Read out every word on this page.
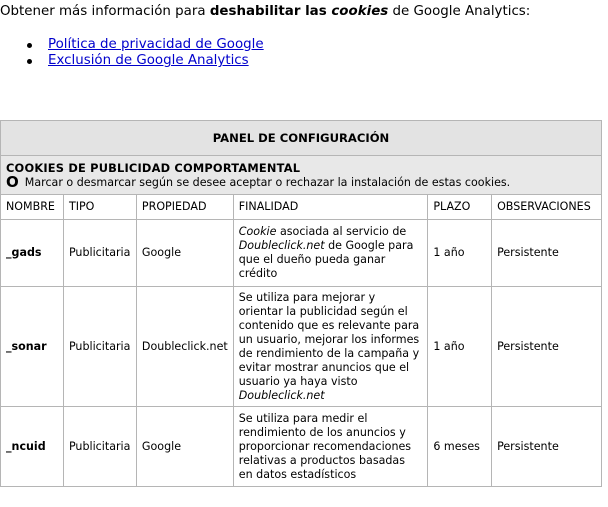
Obtener más información para deshabilitar las cookies de Google Analytics:
Política de privacidad de Google
Exclusión de Google Analytics
PANEL DE CONFIGURACIÓN					

COOKIES DE PUBLICIDAD COMPORTAMENTAL
O Marcar o desmarcar según se desee aceptar o rechazar la instalación de estas cookies.					

NOMBRE	TIPO	PROPIEDAD	FINALIDAD	PLAZO	OBSERVACIONES
_gads	Publicitaria	Google	Cookie asociada al servicio de Doubleclick.net de Google para que el dueño pueda ganar crédito	1 año	Persistente
_sonar	Publicitaria	Doubleclick.net	Se utiliza para mejorar y orientar la publicidad según el contenido que es relevante para un usuario, mejorar los informes de rendimiento de la campaña y evitar mostrar anuncios que el usuario ya haya visto Doubleclick.net	1 año	Persistente
_ncuid	Publicitaria	Google	Se utiliza para medir el rendimiento de los anuncios y proporcionar recomendaciones relativas a productos basadas en datos estadísticos	6 meses	Persistente
